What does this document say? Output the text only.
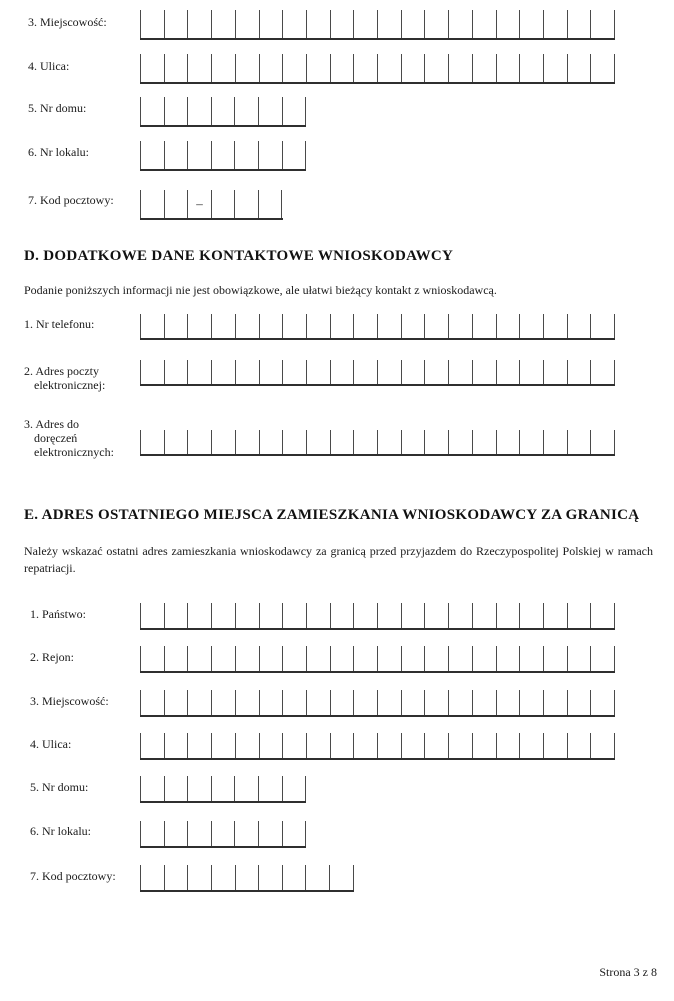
3. Miejscowość:
4. Ulica:
5. Nr domu:
6. Nr lokalu:
7. Kod pocztowy:	–
D. DODATKOWE DANE KONTAKTOWE WNIOSKODAWCY

Podanie poniższych informacji nie jest obowiązkowe, ale ułatwi bieżący kontakt z wnioskodawcą.

1. Nr telefonu:
2. Adres poczty
elektronicznej:
3. Adres do
doręczeń
elektronicznych:
E. ADRES OSTATNIEGO MIEJSCA ZAMIESZKANIA WNIOSKODAWCY ZA GRANICĄ

Należy wskazać ostatni adres zamieszkania wnioskodawcy za granicą przed przyjazdem do Rzeczypospolitej Polskiej w ramach repatriacji.

1. Państwo:
2. Rejon:
3. Miejscowość:
4. Ulica:
5. Nr domu:
6. Nr lokalu:
7. Kod pocztowy:
Strona 3 z 8
